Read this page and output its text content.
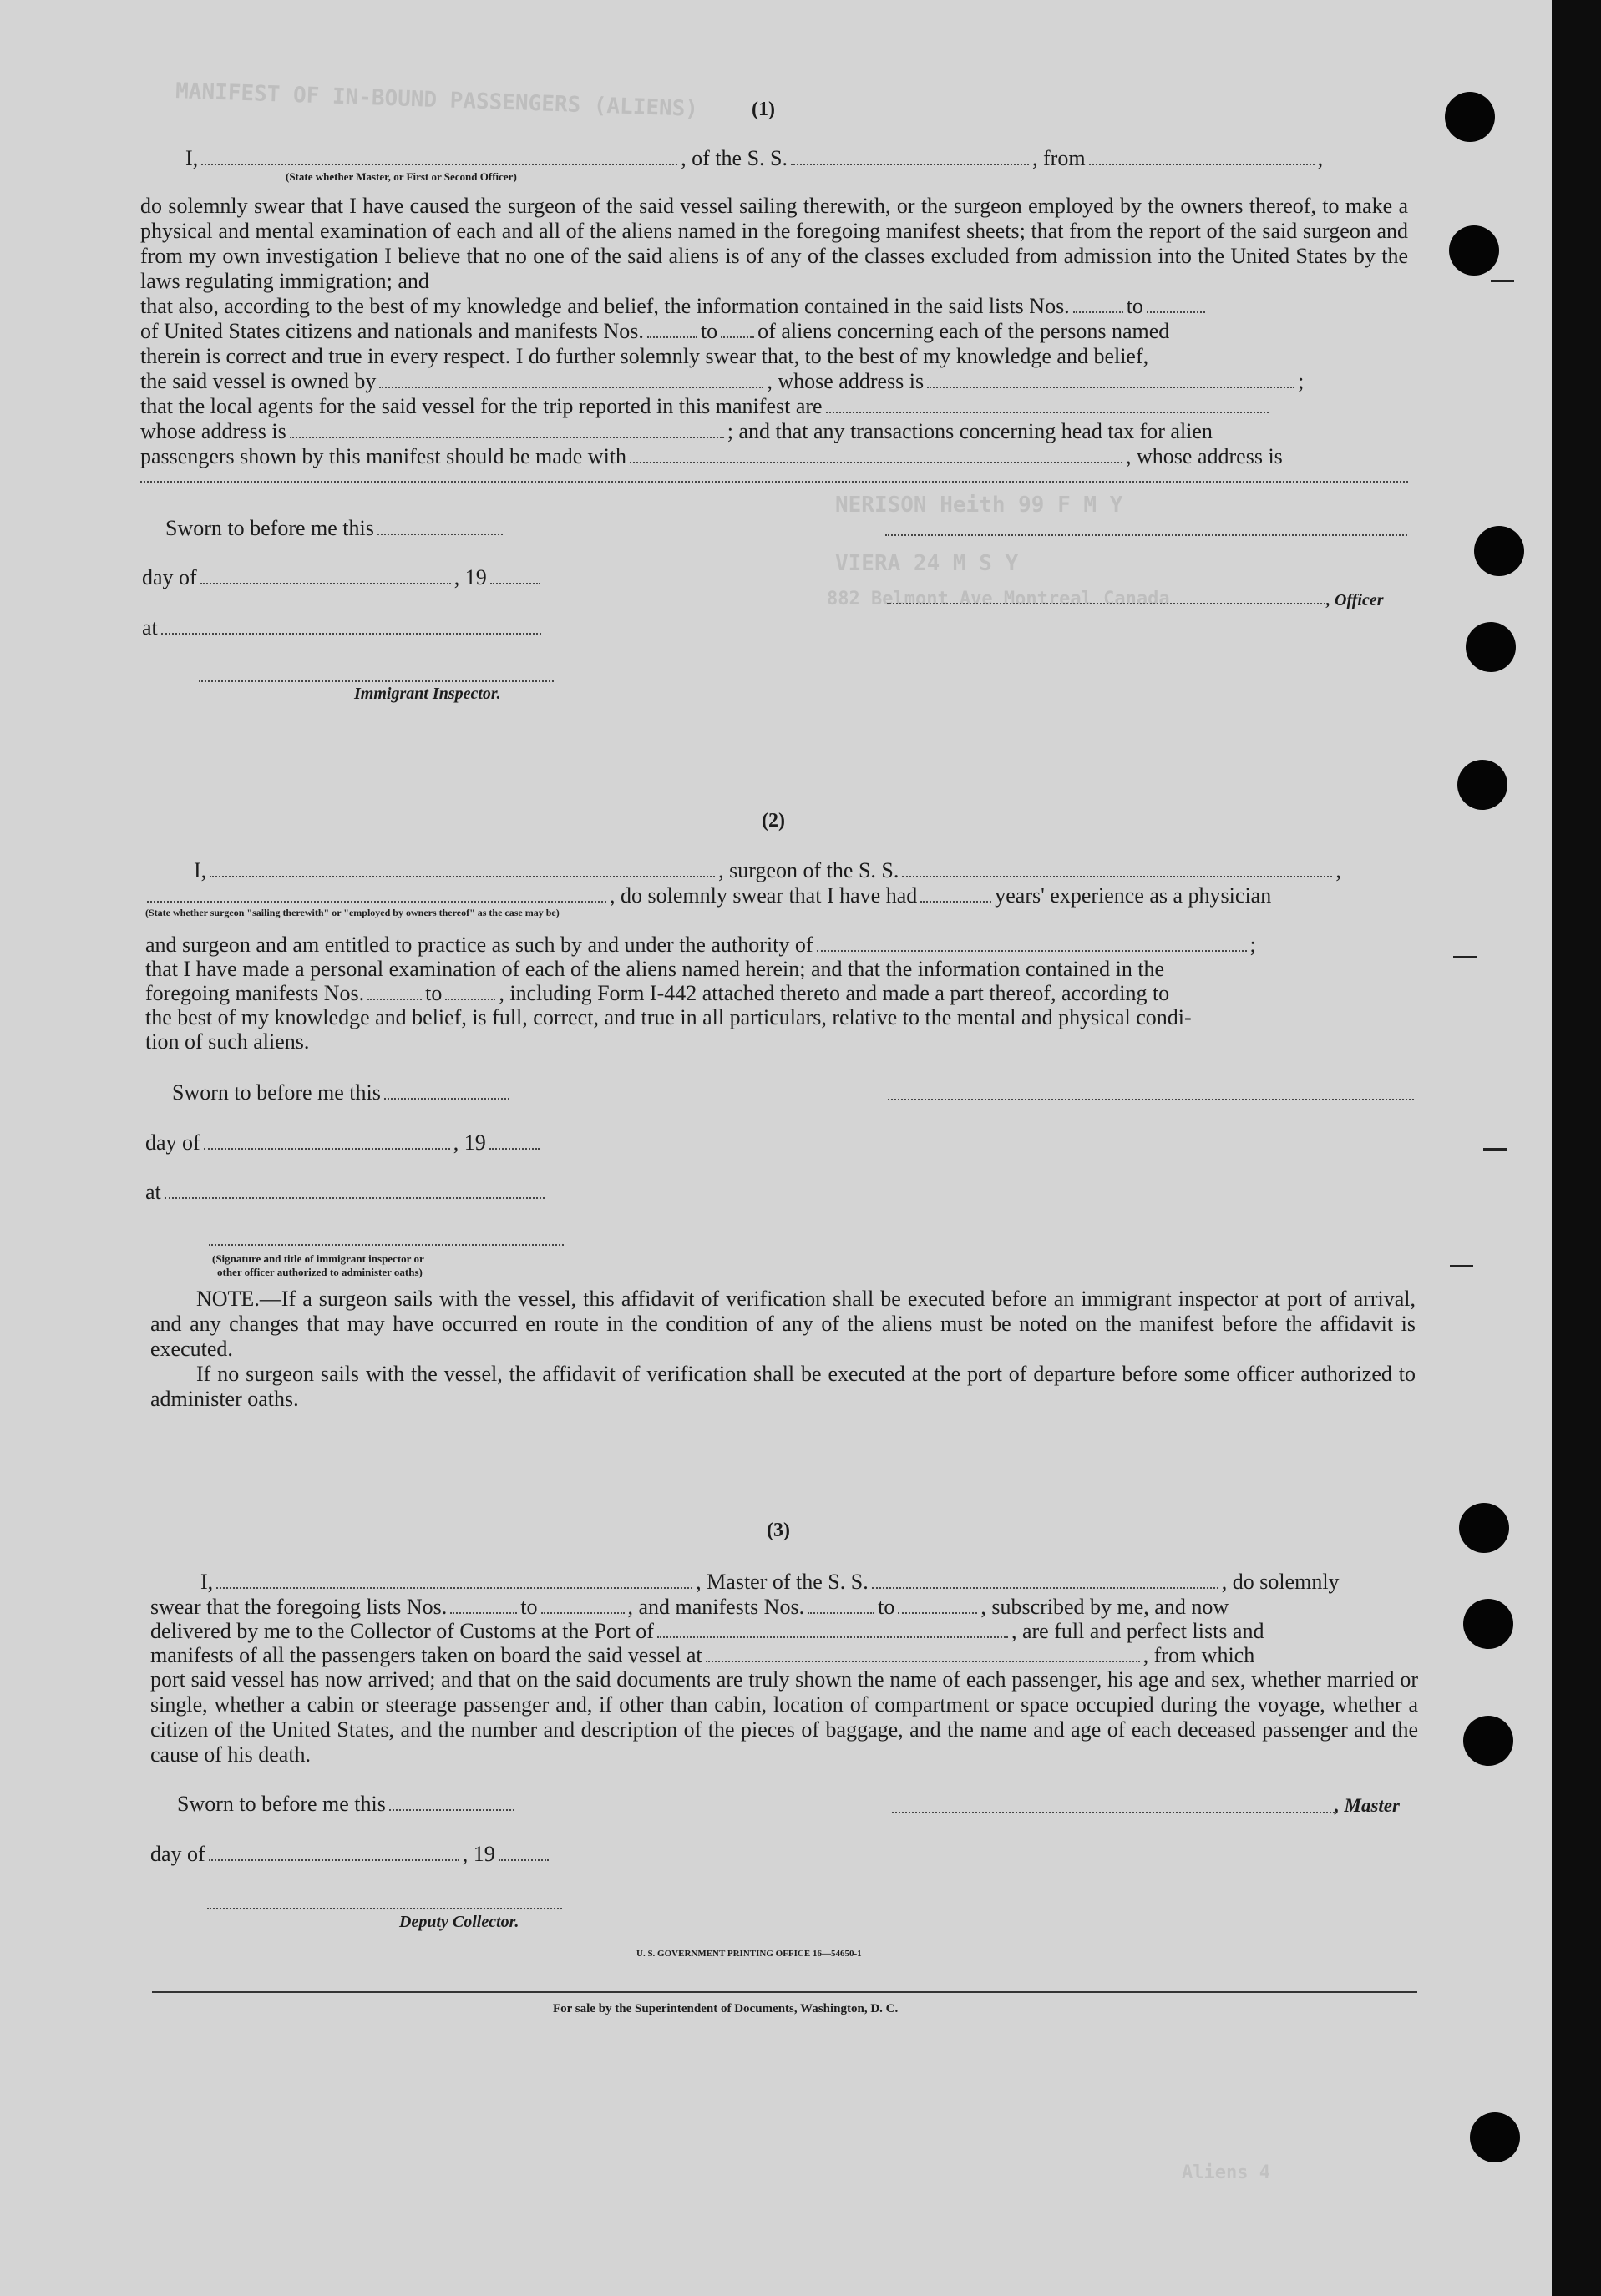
MANIFEST OF IN-BOUND PASSENGERS (ALIENS)
NERISON Heith 99 F M Y
VIERA 24 M S Y
882 Belmont Ave Montreal Canada
(1)
I,	, of the S. S.	, from	,
(State whether Master, or First or Second Officer)
do solemnly swear that I have caused the surgeon of the said vessel sailing therewith, or the surgeon employed by the owners thereof, to make a physical and mental examination of each and all of the aliens named in the foregoing manifest sheets; that from the report of the said surgeon and from my own investigation I believe that no one of the said aliens is of any of the classes excluded from admission into the United States by the laws regulating immigration; and
that also, according to the best of my knowledge and belief, the information contained in the said lists Nos.	to
of United States citizens and nationals and manifests Nos.	to of aliens concerning each of the persons named
therein is correct and true in every respect. I do further solemnly swear that, to the best of my knowledge and belief,
the said vessel is owned by	, whose address is	;
that the local agents for the said vessel for the trip reported in this manifest are
whose address is	; and that any transactions concerning head tax for alien
passengers shown by this manifest should be made with	, whose address is
Sworn to before me this
day of	, 19
, Officer
at
Immigrant Inspector.
(2)
I,	, surgeon of the S. S.	,
, do solemnly swear that I have had	years' experience as a physician
(State whether surgeon "sailing therewith" or "employed by owners thereof" as the case may be)
and surgeon and am entitled to practice as such by and under the authority of	;
that I have made a personal examination of each of the aliens named herein; and that the information contained in the
foregoing manifests Nos.	to	, including Form I-442 attached thereto and made a part thereof, according to
the best of my knowledge and belief, is full, correct, and true in all particulars, relative to the mental and physical condi-
tion of such aliens.
Sworn to before me this
day of	, 19
at
(Signature and title of immigrant inspector or
other officer authorized to administer oaths)
NOTE.—If a surgeon sails with the vessel, this affidavit of verification shall be executed before an immigrant inspector at port of arrival, and any changes that may have occurred en route in the condition of any of the aliens must be noted on the manifest before the affidavit is executed.
If no surgeon sails with the vessel, the affidavit of verification shall be executed at the port of departure before some officer authorized to administer oaths.
(3)
I,	, Master of the S. S.	, do solemnly
swear that the foregoing lists Nos.	to	, and manifests Nos.	to	, subscribed by me, and now
delivered by me to the Collector of Customs at the Port of	, are full and perfect lists and
manifests of all the passengers taken on board the said vessel at	, from which
port said vessel has now arrived; and that on the said documents are truly shown the name of each passenger, his age and sex, whether married or single, whether a cabin or steerage passenger and, if other than cabin, location of compartment or space occupied during the voyage, whether a citizen of the United States, and the number and description of the pieces of baggage, and the name and age of each deceased passenger and the cause of his death.
Sworn to before me this	, Master
day of	, 19
Deputy Collector.
U. S. GOVERNMENT PRINTING OFFICE 16—54650-1
For sale by the Superintendent of Documents, Washington, D. C.
Aliens 4
